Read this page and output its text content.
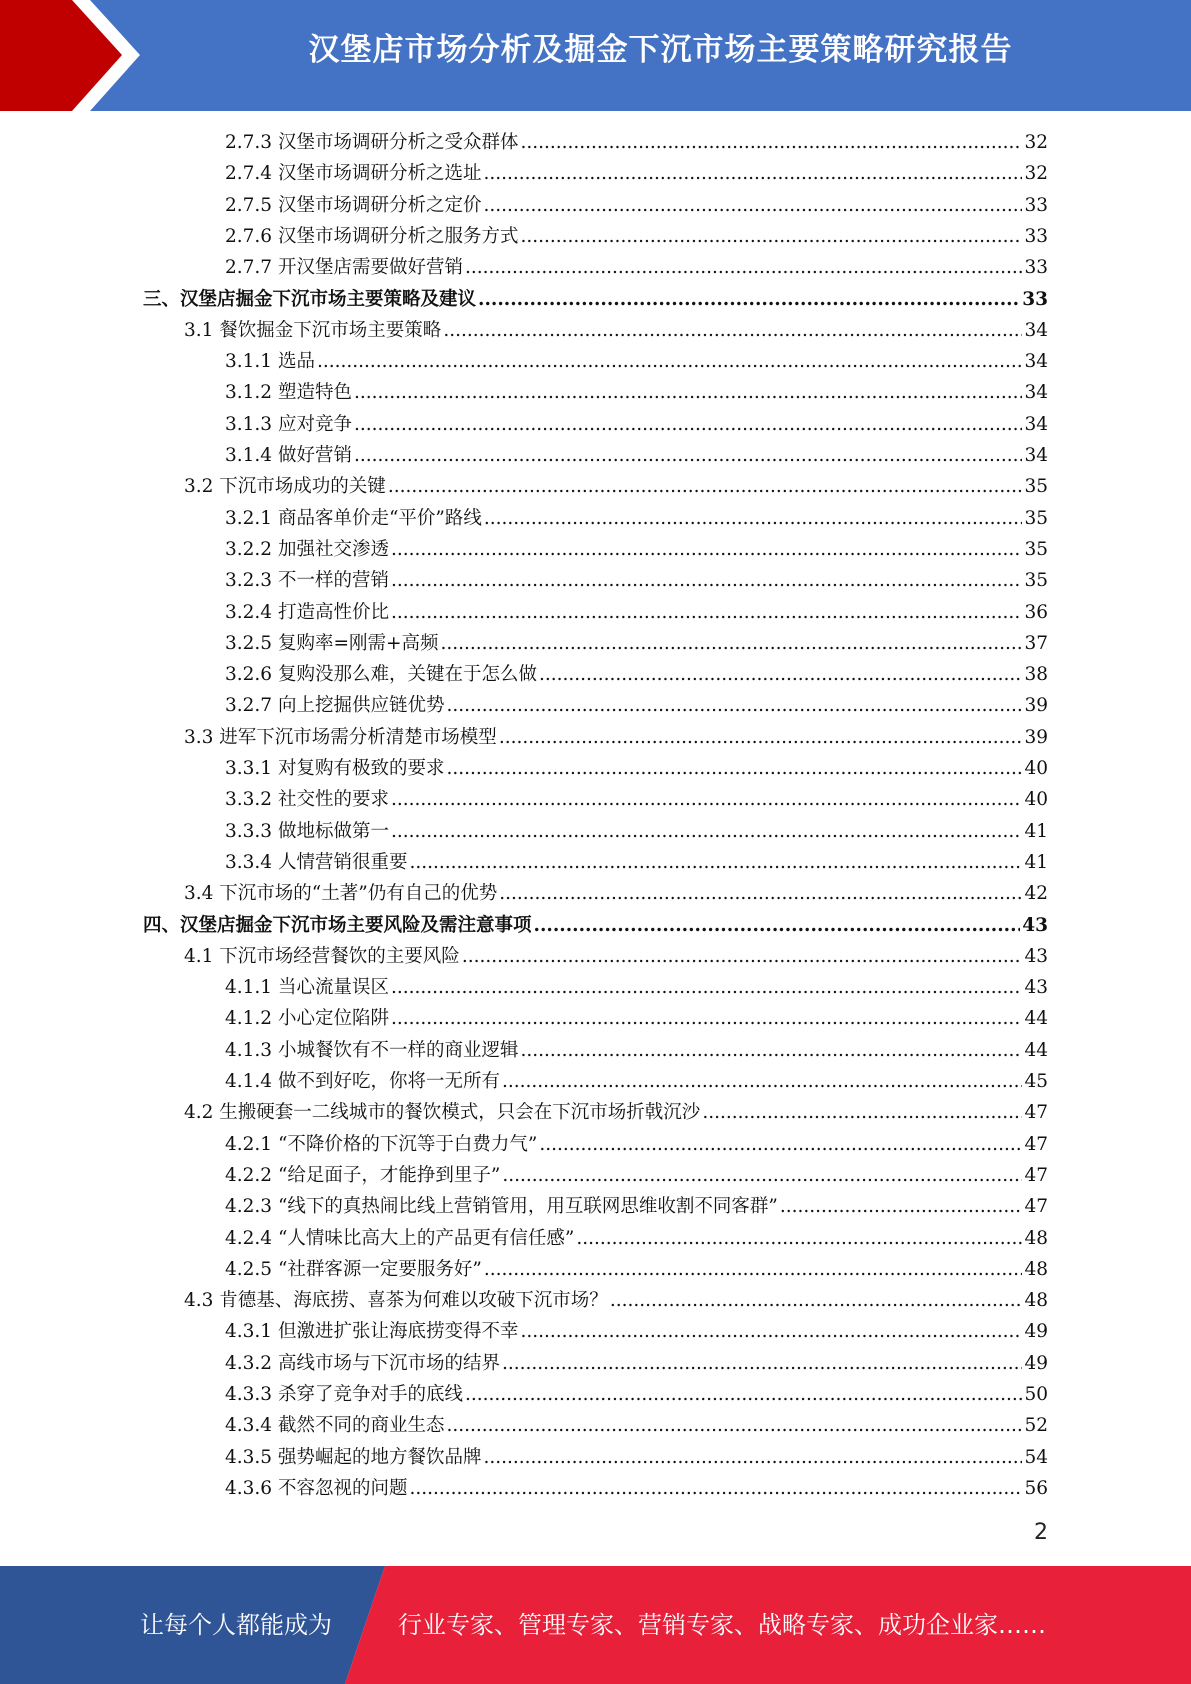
汉堡店市场分析及掘金下沉市场主要策略研究报告
2.7.3 汉堡市场调研分析之受众群体 .....	32
2.7.4 汉堡市场调研分析之选址 .....	32
2.7.5 汉堡市场调研分析之定价 .....	33
2.7.6 汉堡市场调研分析之服务方式 .....	33
2.7.7 开汉堡店需要做好营销 .....	33
三、汉堡店掘金下沉市场主要策略及建议 .....	33
3.1 餐饮掘金下沉市场主要策略 .....	34
3.1.1 选品 .....	34
3.1.2 塑造特色 .....	34
3.1.3 应对竞争 .....	34
3.1.4 做好营销 .....	34
3.2 下沉市场成功的关键 .....	35
3.2.1 商品客单价走“平价”路线 .....	35
3.2.2 加强社交渗透 .....	35
3.2.3 不一样的营销 .....	35
3.2.4 打造高性价比 .....	36
3.2.5 复购率=刚需+高频 .....	37
3.2.6 复购没那么难，关键在于怎么做 .....	38
3.2.7 向上挖掘供应链优势 .....	39
3.3 进军下沉市场需分析清楚市场模型 .....	39
3.3.1 对复购有极致的要求 .....	40
3.3.2 社交性的要求 .....	40
3.3.3 做地标做第一 .....	41
3.3.4 人情营销很重要 .....	41
3.4 下沉市场的“土著”仍有自己的优势 .....	42
四、汉堡店掘金下沉市场主要风险及需注意事项 .....	43
4.1 下沉市场经营餐饮的主要风险 .....	43
4.1.1 当心流量误区 .....	43
4.1.2 小心定位陷阱 .....	44
4.1.3 小城餐饮有不一样的商业逻辑 .....	44
4.1.4 做不到好吃，你将一无所有 .....	45
4.2 生搬硬套一二线城市的餐饮模式，只会在下沉市场折戟沉沙 .....	47
4.2.1 “不降价格的下沉等于白费力气” .....	47
4.2.2 “给足面子，才能挣到里子” .....	47
4.2.3 “线下的真热闹比线上营销管用，用互联网思维收割不同客群” .....	47
4.2.4 “人情味比高大上的产品更有信任感” .....	48
4.2.5 “社群客源一定要服务好” .....	48
4.3 肯德基、海底捞、喜茶为何难以攻破下沉市场？ .....	48
4.3.1 但激进扩张让海底捞变得不幸 .....	49
4.3.2 高线市场与下沉市场的结界 .....	49
4.3.3 杀穿了竞争对手的底线 .....	50
4.3.4 截然不同的商业生态 .....	52
4.3.5 强势崛起的地方餐饮品牌 .....	54
4.3.6 不容忽视的问题 .....	56
2
让每个人都能成为	行业专家、管理专家、营销专家、战略专家、成功企业家……
